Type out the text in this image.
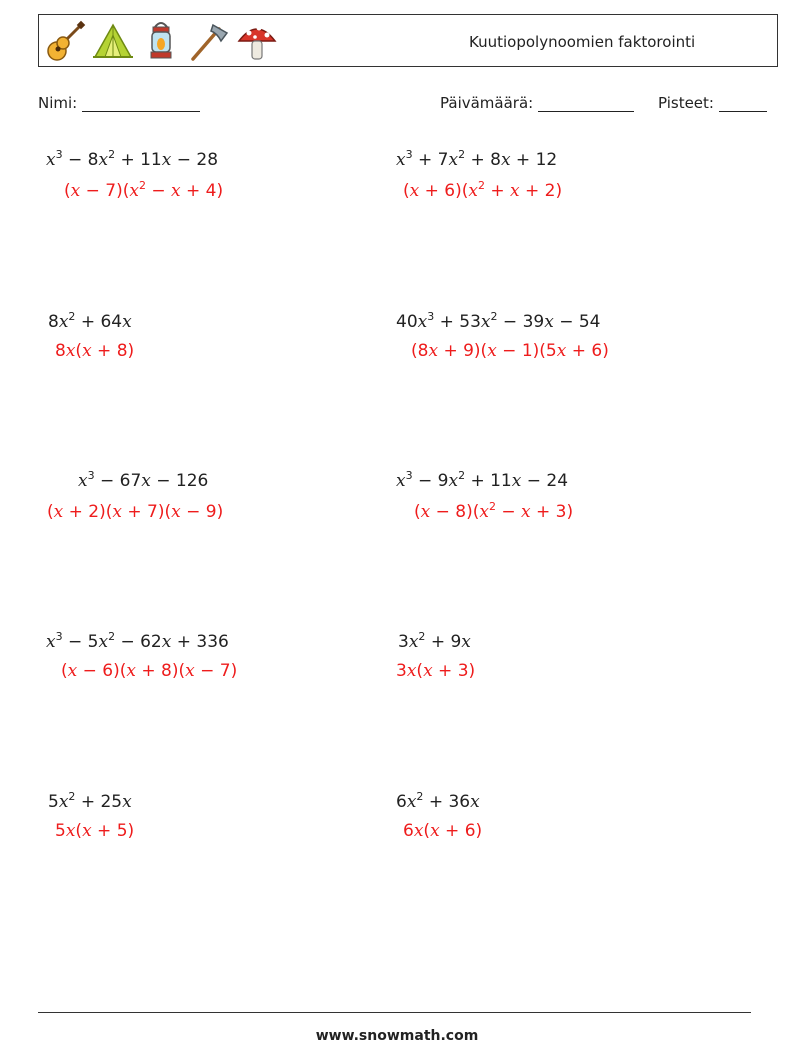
Kuutiopolynoomien faktorointi
Nimi:	Päivämäärä:	Pisteet:
$x^3 - 8x^2 + 11x - 28$
$(x - 7)(x^2 - x + 4)$
$x^3 + 7x^2 + 8x + 12$
$(x + 6)(x^2 + x + 2)$
$8x^2 + 64x$
8x(x + 8)
$40x^3 + 53x^2 - 39x - 54$
(8x + 9)(x − 1)(5x + 6)
$x^3 - 67x - 126$
(x + 2)(x + 7)(x − 9)
$x^3 - 9x^2 + 11x - 24$
$(x - 8)(x^2 - x + 3)$
$x^3 - 5x^2 - 62x + 336$
(x − 6)(x + 8)(x − 7)
$3x^2 + 9x$
3x(x + 3)
$5x^2 + 25x$
5x(x + 5)
$6x^2 + 36x$
6x(x + 6)
www.snowmath.com
